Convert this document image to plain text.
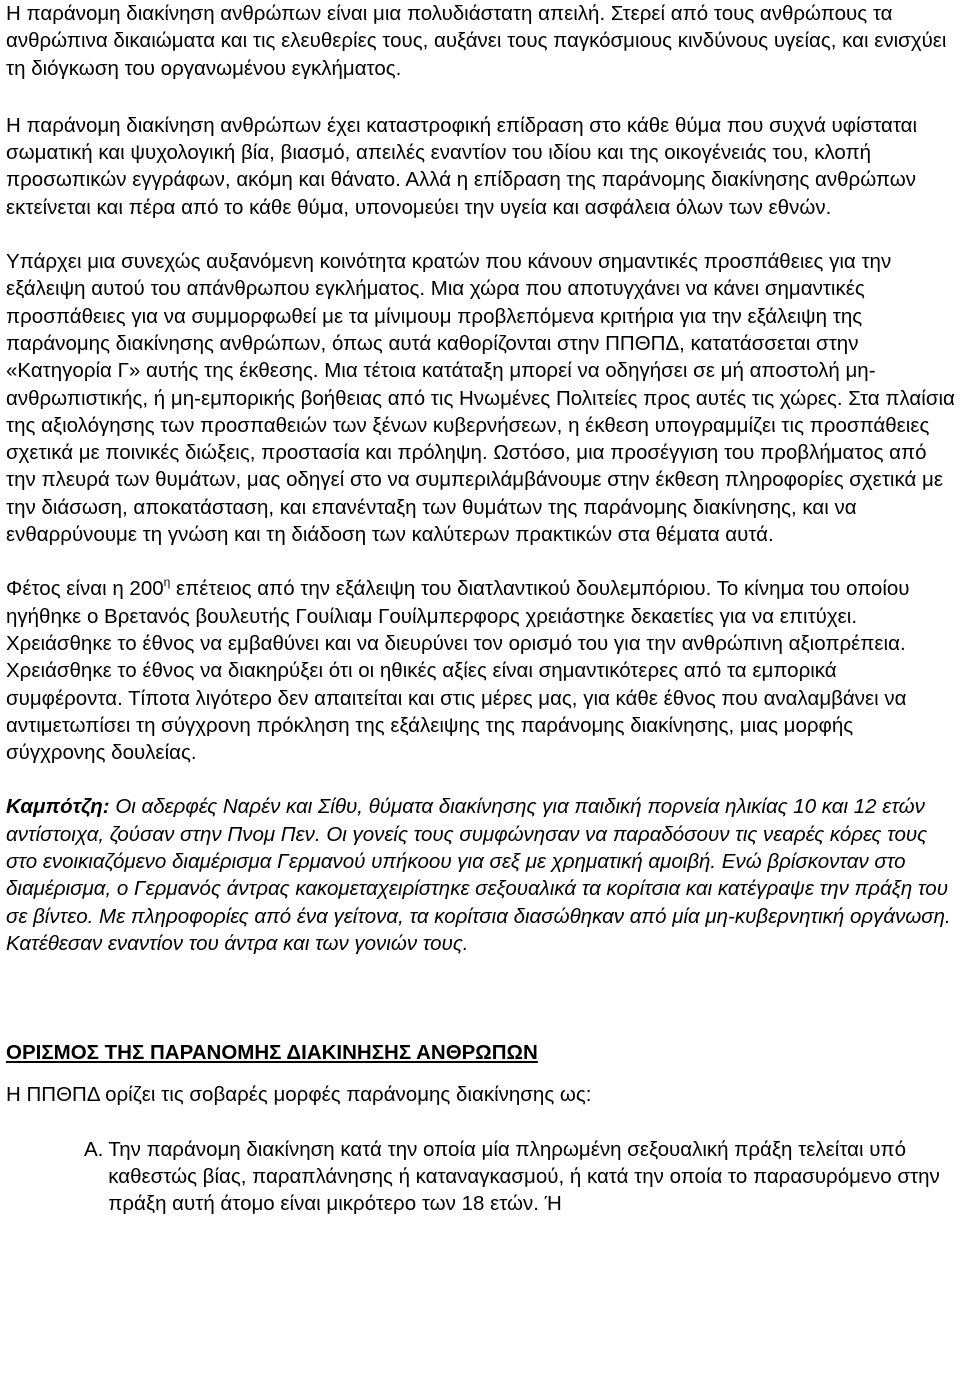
Η παράνομη διακίνηση ανθρώπων είναι μια πολυδιάστατη απειλή. Στερεί από τους ανθρώπους τα ανθρώπινα δικαιώματα και τις ελευθερίες τους, αυξάνει τους παγκόσμιους κινδύνους υγείας, και ενισχύει τη διόγκωση του οργανωμένου εγκλήματος.

Η παράνομη διακίνηση ανθρώπων έχει καταστροφική επίδραση στο κάθε θύμα που συχνά υφίσταται σωματική και ψυχολογική βία, βιασμό, απειλές εναντίον του ιδίου και της οικογένειάς του, κλοπή προσωπικών εγγράφων, ακόμη και θάνατο. Αλλά η επίδραση της παράνομης διακίνησης ανθρώπων εκτείνεται και πέρα από το κάθε θύμα, υπονομεύει την υγεία και ασφάλεια όλων των εθνών.

Υπάρχει μια συνεχώς αυξανόμενη κοινότητα κρατών που κάνουν σημαντικές προσπάθειες για την εξάλειψη αυτού του απάνθρωπου εγκλήματος. Μια χώρα που αποτυγχάνει να κάνει σημαντικές προσπάθειες για να συμμορφωθεί με τα μίνιμουμ προβλεπόμενα κριτήρια για την εξάλειψη της παράνομης διακίνησης ανθρώπων, όπως αυτά καθορίζονται στην ΠΠΘΠΔ, κατατάσσεται στην «Κατηγορία Γ» αυτής της έκθεσης. Μια τέτοια κατάταξη μπορεί να οδηγήσει σε μή αποστολή μη-ανθρωπιστικής, ή μη-εμπορικής βοήθειας από τις Ηνωμένες Πολιτείες προς αυτές τις χώρες. Στα πλαίσια της αξιολόγησης των προσπαθειών των ξένων κυβερνήσεων, η έκθεση υπογραμμίζει τις προσπάθειες σχετικά με ποινικές διώξεις, προστασία και πρόληψη. Ωστόσο, μια προσέγγιση του προβλήματος από την πλευρά των θυμάτων, μας οδηγεί στο να συμπεριλάμβάνουμε στην έκθεση πληροφορίες σχετικά με την διάσωση, αποκατάσταση, και επανένταξη των θυμάτων της παράνομης διακίνησης, και να ενθαρρύνουμε τη γνώση και τη διάδοση των καλύτερων πρακτικών στα θέματα αυτά.

Φέτος είναι η $200^\eta$ επέτειος από την εξάλειψη του διατλαντικού δουλεμπόριου. Το κίνημα του οποίου ηγήθηκε ο Βρετανός βουλευτής Γουίλιαμ Γουίλμπερφορς χρειάστηκε δεκαετίες για να επιτύχει. Χρειάσθηκε το έθνος να εμβαθύνει και να διευρύνει τον ορισμό του για την ανθρώπινη αξιοπρέπεια. Χρειάσθηκε το έθνος να διακηρύξει ότι οι ηθικές αξίες είναι σημαντικότερες από τα εμπορικά συμφέροντα. Τίποτα λιγότερο δεν απαιτείται και στις μέρες μας, για κάθε έθνος που αναλαμβάνει να αντιμετωπίσει τη σύγχρονη πρόκληση της εξάλειψης της παράνομης διακίνησης, μιας μορφής σύγχρονης δουλείας.

Καμπότζη: Οι αδερφές Ναρέν και Σίθυ, θύματα διακίνησης για παιδική πορνεία ηλικίας 10 και 12 ετών αντίστοιχα, ζούσαν στην Πνομ Πεν. Οι γονείς τους συμφώνησαν να παραδόσουν τις νεαρές κόρες τους στο ενοικιαζόμενο διαμέρισμα Γερμανού υπήκοου για σεξ με χρηματική αμοιβή. Ενώ βρίσκονταν στο διαμέρισμα, ο Γερμανός άντρας κακομεταχειρίστηκε σεξουαλικά τα κορίτσια και κατέγραψε την πράξη του σε βίντεο. Με πληροφορίες από ένα γείτονα, τα κορίτσια διασώθηκαν από μία μη-κυβερνητική οργάνωση. Κατέθεσαν εναντίον του άντρα και των γονιών τους.

ΟΡΙΣΜΟΣ ΤΗΣ ΠΑΡΑΝΟΜΗΣ ΔΙΑΚΙΝΗΣΗΣ ΑΝΘΡΩΠΩΝ

Η ΠΠΘΠΔ ορίζει τις σοβαρές μορφές παράνομης διακίνησης ως:

Α. Την παράνομη διακίνηση κατά την οποία μία πληρωμένη σεξουαλική πράξη τελείται υπό καθεστώς βίας, παραπλάνησης ή καταναγκασμού, ή κατά την οποία το παρασυρόμενο στην πράξη αυτή άτομο είναι μικρότερο των 18 ετών. Ή
